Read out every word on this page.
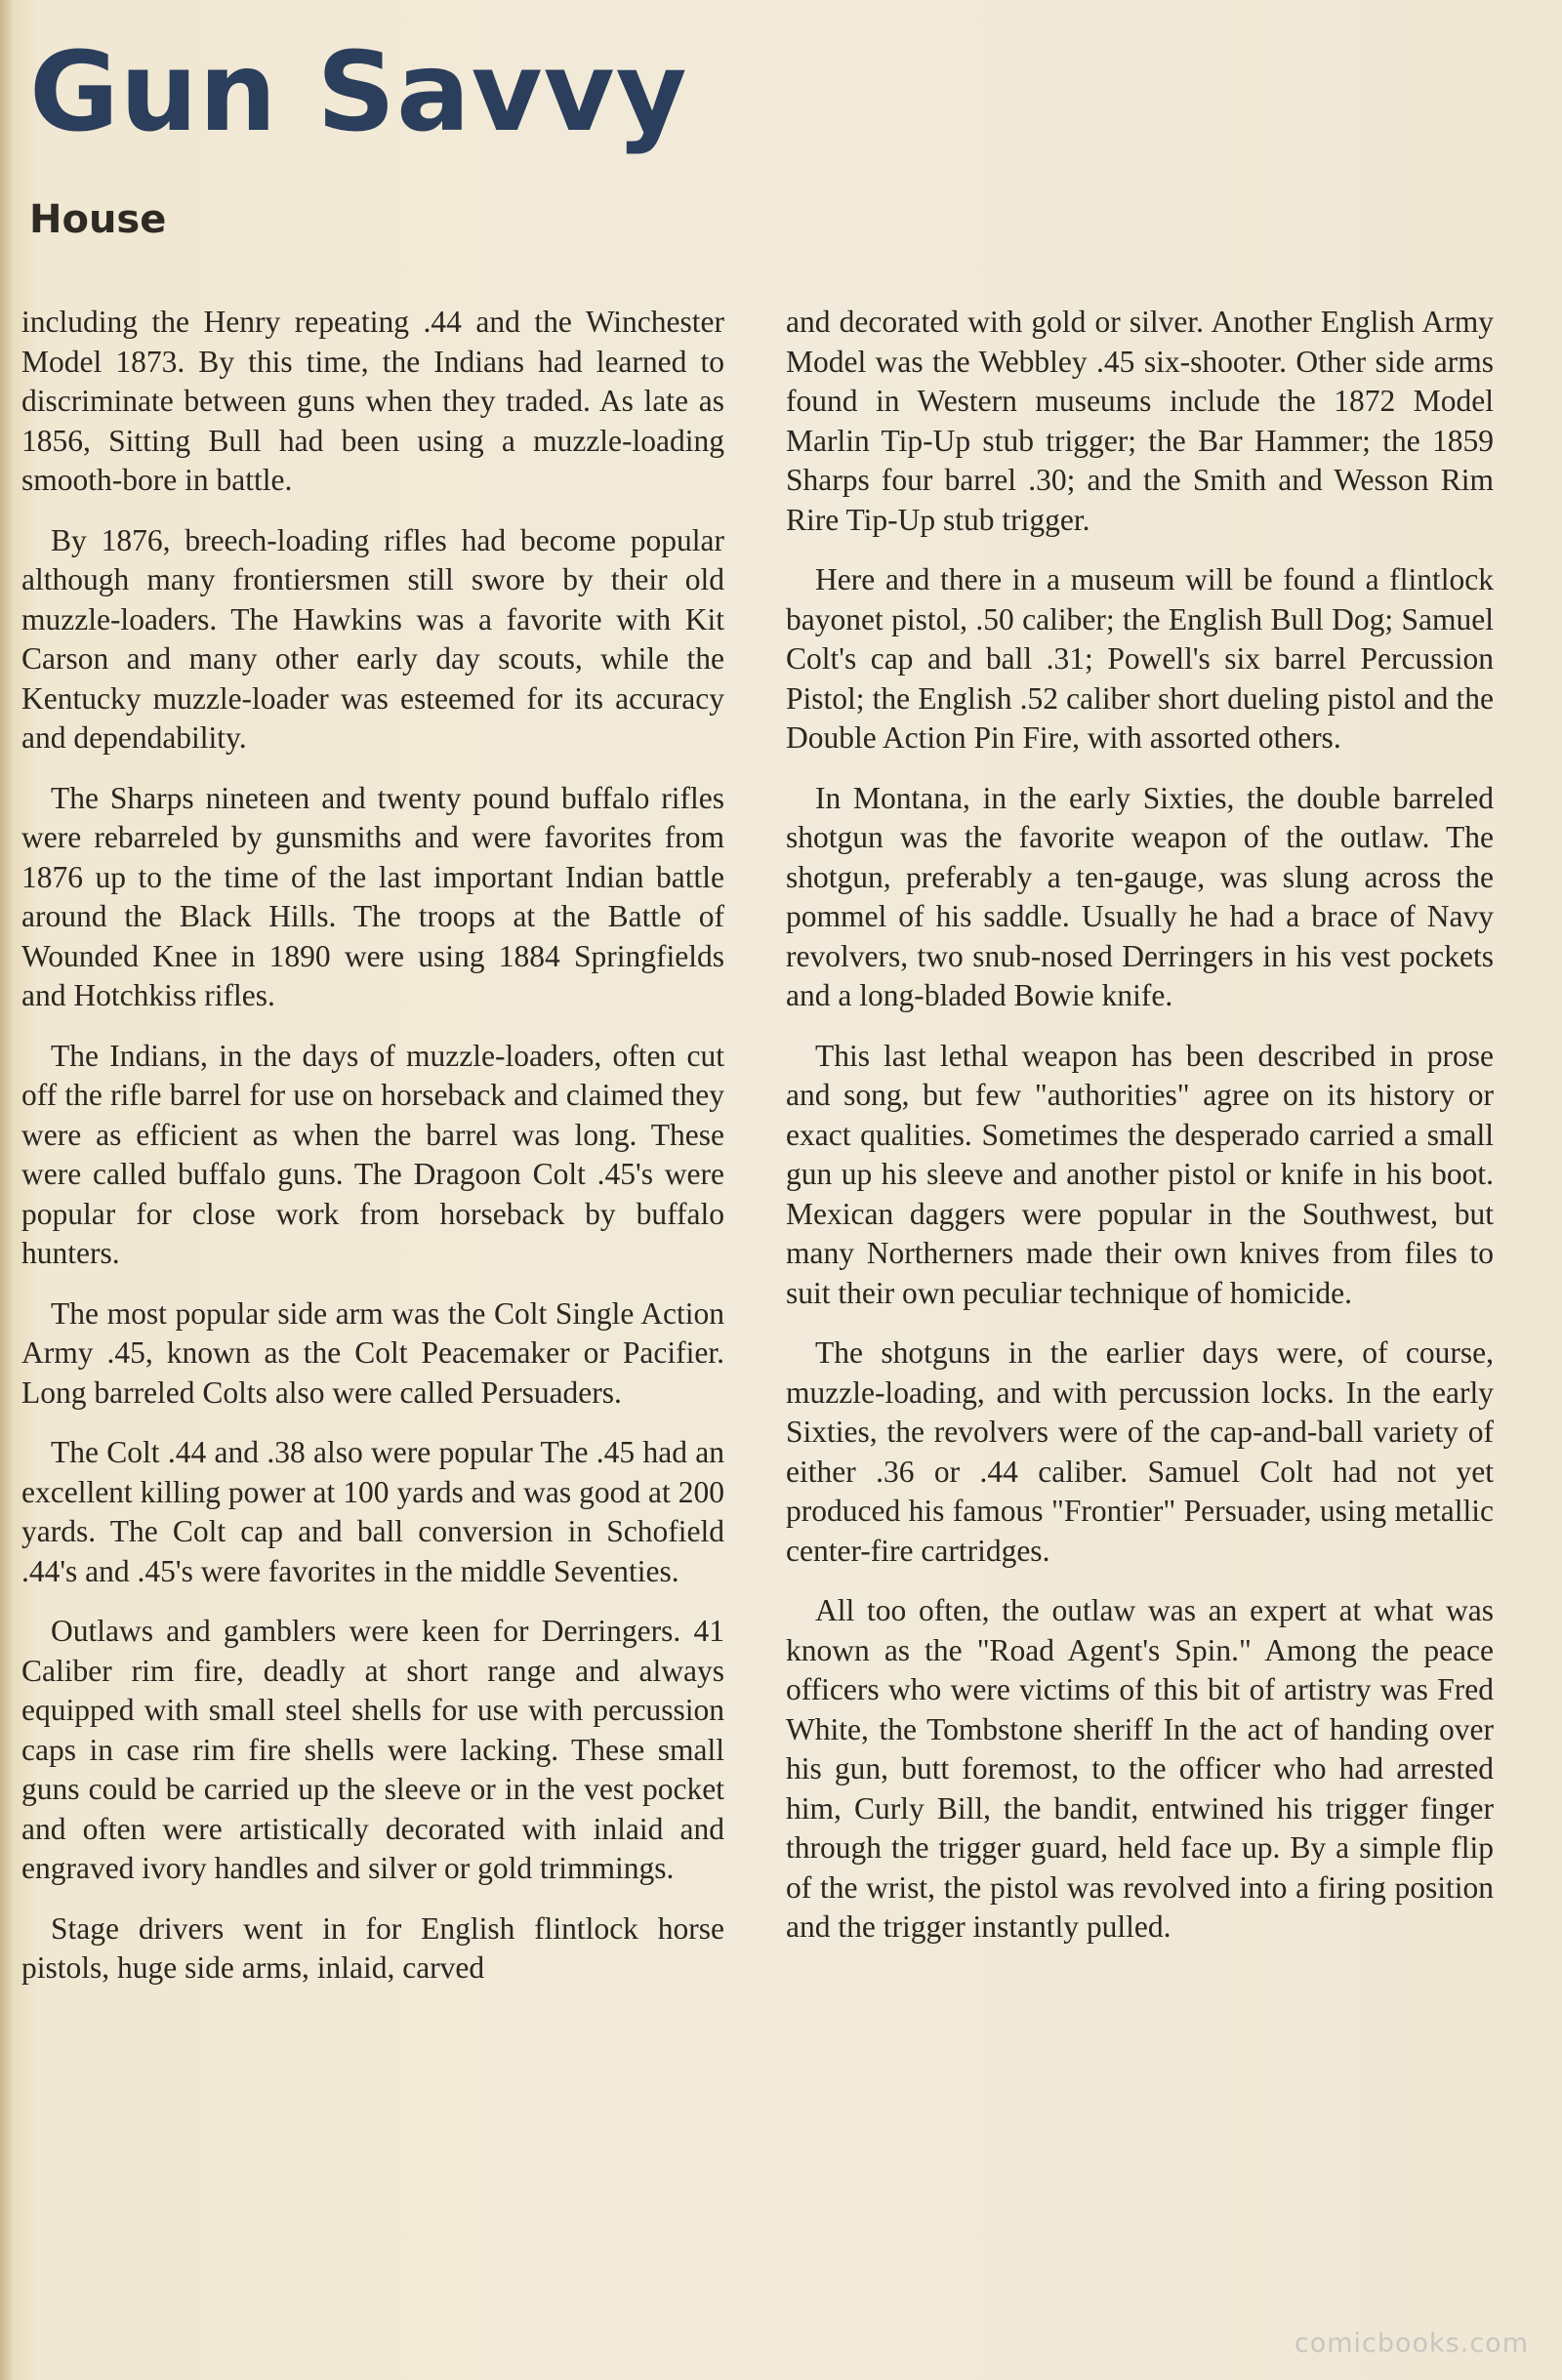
Gun Savvy
House

including the Henry repeating .44 and the Winchester Model 1873. By this time, the Indians had learned to discriminate between guns when they traded. As late as 1856, Sitting Bull had been using a muzzle-loading smooth-bore in battle.

By 1876, breech-loading rifles had become popular although many frontiersmen still swore by their old muzzle-loaders. The Hawkins was a favorite with Kit Carson and many other early day scouts, while the Kentucky muzzle-loader was esteemed for its accuracy and dependability.

The Sharps nineteen and twenty pound buffalo rifles were rebarreled by gunsmiths and were favorites from 1876 up to the time of the last important Indian battle around the Black Hills. The troops at the Battle of Wounded Knee in 1890 were using 1884 Springfields and Hotchkiss rifles.

The Indians, in the days of muzzle-loaders, often cut off the rifle barrel for use on horseback and claimed they were as efficient as when the barrel was long. These were called buffalo guns. The Dragoon Colt .45's were popular for close work from horseback by buffalo hunters.

The most popular side arm was the Colt Single Action Army .45, known as the Colt Peacemaker or Pacifier. Long barreled Colts also were called Persuaders.

The Colt .44 and .38 also were popular The .45 had an excellent killing power at 100 yards and was good at 200 yards. The Colt cap and ball conversion in Schofield .44's and .45's were favorites in the middle Seventies.

Outlaws and gamblers were keen for Derringers. 41 Caliber rim fire, deadly at short range and always equipped with small steel shells for use with percussion caps in case rim fire shells were lacking. These small guns could be carried up the sleeve or in the vest pocket and often were artistically decorated with inlaid and engraved ivory handles and silver or gold trimmings.

Stage drivers went in for English flintlock horse pistols, huge side arms, inlaid, carved

and decorated with gold or silver. Another English Army Model was the Webbley .45 six-shooter. Other side arms found in Western museums include the 1872 Model Marlin Tip-Up stub trigger; the Bar Hammer; the 1859 Sharps four barrel .30; and the Smith and Wesson Rim Rire Tip-Up stub trigger.

Here and there in a museum will be found a flintlock bayonet pistol, .50 caliber; the English Bull Dog; Samuel Colt's cap and ball .31; Powell's six barrel Percussion Pistol; the English .52 caliber short dueling pistol and the Double Action Pin Fire, with assorted others.

In Montana, in the early Sixties, the double barreled shotgun was the favorite weapon of the outlaw. The shotgun, preferably a ten-gauge, was slung across the pommel of his saddle. Usually he had a brace of Navy revolvers, two snub-nosed Derringers in his vest pockets and a long-bladed Bowie knife.

This last lethal weapon has been described in prose and song, but few "authorities" agree on its history or exact qualities. Sometimes the desperado carried a small gun up his sleeve and another pistol or knife in his boot. Mexican daggers were popular in the Southwest, but many Northerners made their own knives from files to suit their own peculiar technique of homicide.

The shotguns in the earlier days were, of course, muzzle-loading, and with percussion locks. In the early Sixties, the revolvers were of the cap-and-ball variety of either .36 or .44 caliber. Samuel Colt had not yet produced his famous "Frontier" Persuader, using metallic center-fire cartridges.

All too often, the outlaw was an expert at what was known as the "Road Agent's Spin." Among the peace officers who were victims of this bit of artistry was Fred White, the Tombstone sheriff In the act of handing over his gun, butt foremost, to the officer who had arrested him, Curly Bill, the bandit, entwined his trigger finger through the trigger guard, held face up. By a simple flip of the wrist, the pistol was revolved into a firing position and the trigger instantly pulled.

comicbooks.com
